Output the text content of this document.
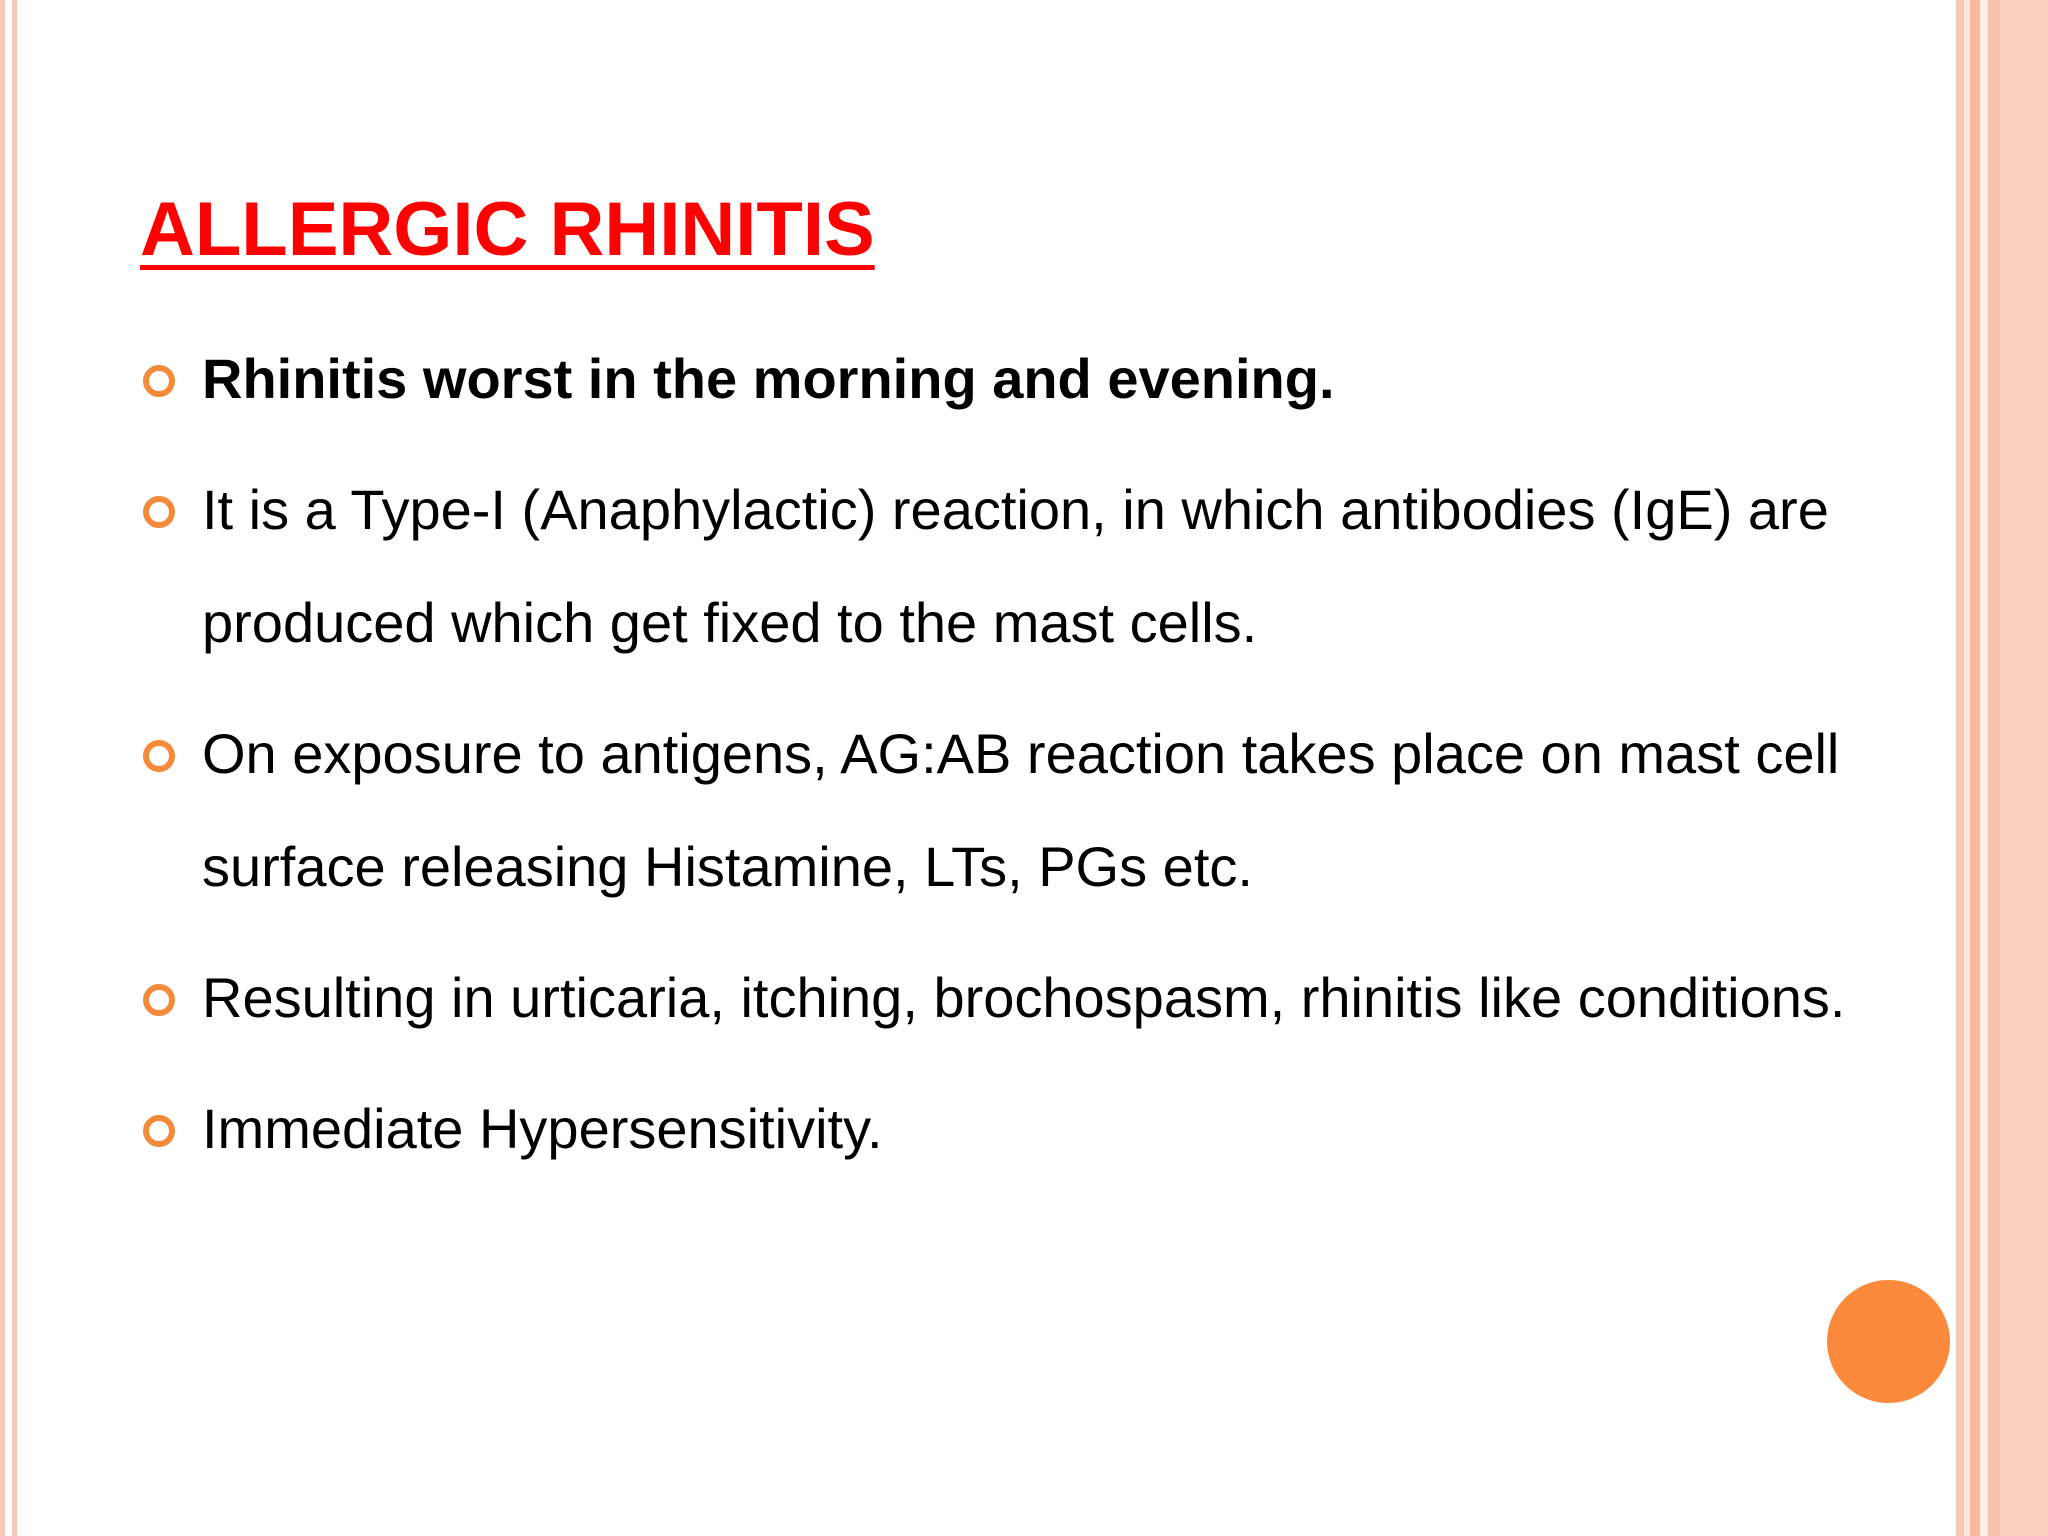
ALLERGIC RHINITIS
Rhinitis worst in the morning and evening.
It is a Type-I (Anaphylactic) reaction, in which antibodies (IgE) are produced which get fixed to the mast cells.
On exposure to antigens, AG:AB reaction takes place on mast cell surface releasing Histamine, LTs, PGs etc.
Resulting in urticaria, itching, brochospasm, rhinitis like conditions.
Immediate Hypersensitivity.
